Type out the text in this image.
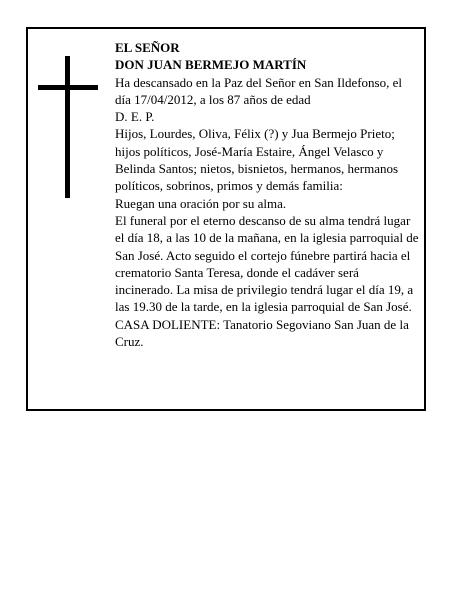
EL SEÑOR

DON JUAN BERMEJO MARTÍN

Ha descansado en la Paz del Señor en San Ildefonso, el día 17/04/2012, a los 87 años de edad

D. E. P.

Hijos, Lourdes, Oliva, Félix (?) y Jua Bermejo Prieto; hijos políticos, José-María Estaire, Ángel Velasco y Belinda Santos; nietos, bisnietos, hermanos, hermanos políticos, sobrinos, primos y demás familia:

Ruegan una oración por su alma.

El funeral por el eterno descanso de su alma tendrá lugar el día 18, a las 10 de la mañana, en la iglesia parroquial de San José. Acto seguido el cortejo fúnebre partirá hacia el crematorio Santa Teresa, donde el cadáver será incinerado. La misa de privilegio tendrá lugar el día 19, a las 19.30 de la tarde, en la iglesia parroquial de San José.

CASA DOLIENTE: Tanatorio Segoviano San Juan de la Cruz.
